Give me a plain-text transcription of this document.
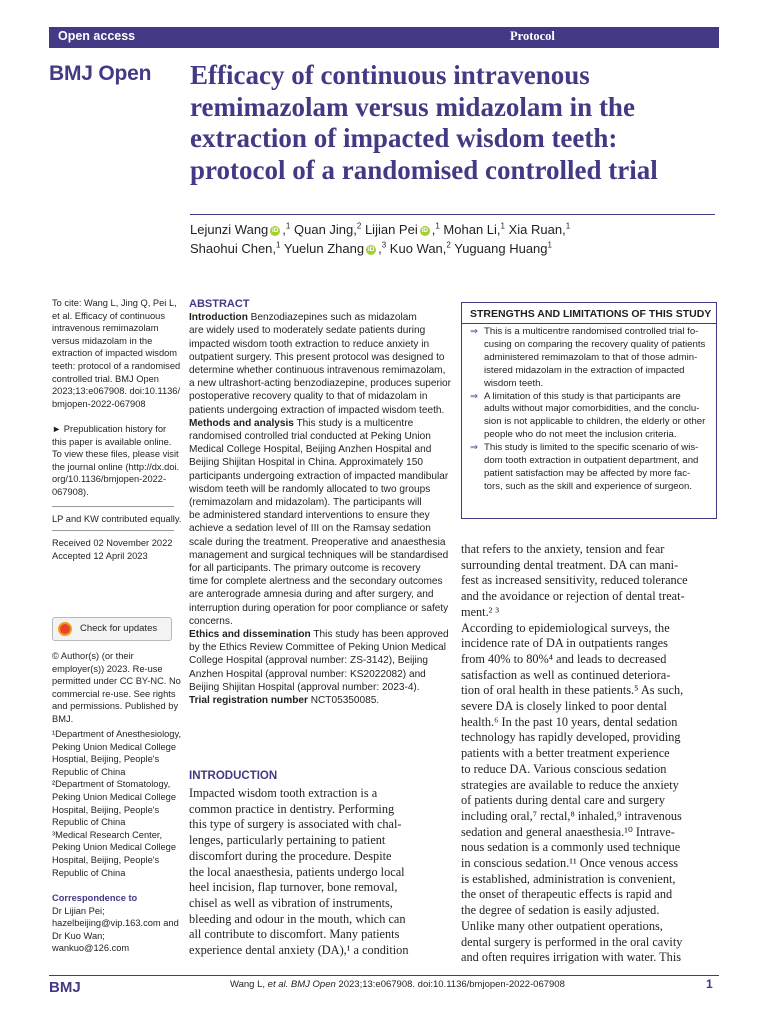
Open access	Protocol
BMJ Open Efficacy of continuous intravenous
remimazolam versus midazolam in the
extraction of impacted wisdom teeth:
protocol of a randomised controlled trial
Lejunzi Wang iD ,$^1$ Quan Jing,$^2$ Lijian Pei iD ,$^1$ Mohan Li,$^1$ Xia Ruan,$^1$
Shaohui Chen,$^1$ Yuelun Zhang iD ,$^3$ Kuo Wan,$^2$ Yuguang Huang$^1$
To cite: Wang L, Jing Q, Pei L,
et al. Efficacy of continuous
intravenous remimazolam
versus midazolam in the
extraction of impacted wisdom
teeth: protocol of a randomised
controlled trial. BMJ Open
2023;13:e067908. doi:10.1136/
bmjopen-2022-067908
► Prepublication history for
this paper is available online.
To view these files, please visit
the journal online (http://dx.doi.
org/10.1136/bmjopen-2022-
067908).
LP and KW contributed equally.
Received 02 November 2022
Accepted 12 April 2023
Check for updates
© Author(s) (or their
employer(s)) 2023. Re-use
permitted under CC BY-NC. No
commercial re-use. See rights
and permissions. Published by
BMJ.
¹Department of Anesthesiology,
Peking Union Medical College
Hosptial, Beijing, People's
Republic of China
²Department of Stomatology,
Peking Union Medical College
Hospital, Beijing, People's
Republic of China
³Medical Research Center,
Peking Union Medical College
Hospital, Beijing, People's
Republic of China
Correspondence to
Dr Lijian Pei;
hazelbeijing@vip.163.com and
Dr Kuo Wan;
wankuo@126.com
ABSTRACT
Introduction Benzodiazepines such as midazolam
are widely used to moderately sedate patients during
impacted wisdom tooth extraction to reduce anxiety in
outpatient surgery. This present protocol was designed to
determine whether continuous intravenous remimazolam,
a new ultrashort-acting benzodiazepine, produces superior
postoperative recovery quality to that of midazolam in
patients undergoing extraction of impacted wisdom teeth.
Methods and analysis This study is a multicentre
randomised controlled trial conducted at Peking Union
Medical College Hospital, Beijing Anzhen Hospital and
Beijing Shijitan Hospital in China. Approximately 150
participants undergoing extraction of impacted mandibular
wisdom teeth will be randomly allocated to two groups
(remimazolam and midazolam). The participants will
be administered standard interventions to ensure they
achieve a sedation level of III on the Ramsay sedation
scale during the treatment. Preoperative and anaesthesia
management and surgical techniques will be standardised
for all participants. The primary outcome is recovery
time for complete alertness and the secondary outcomes
are anterograde amnesia during and after surgery, and
interruption during operation for poor compliance or safety
concerns.
Ethics and dissemination This study has been approved
by the Ethics Review Committee of Peking Union Medical
College Hospital (approval number: ZS-3142), Beijing
Anzhen Hospital (approval number: KS2022082) and
Beijing Shijitan Hospital (approval number: 2023-4).
Trial registration number NCT05350085.
STRENGTHS AND LIMITATIONS OF THIS STUDY
⇒ This is a multicentre randomised controlled trial fo-
cusing on comparing the recovery quality of patients
administered remimazolam to that of those admin-
istered midazolam in the extraction of impacted
wisdom teeth.
⇒ A limitation of this study is that participants are
adults without major comorbidities, and the conclu-
sion is not applicable to children, the elderly or other
people who do not meet the inclusion criteria.
⇒ This study is limited to the specific scenario of wis-
dom tooth extraction in outpatient department, and
patient satisfaction may be affected by more fac-
tors, such as the skill and experience of surgeon.
INTRODUCTION
Impacted wisdom tooth extraction is a
common practice in dentistry. Performing
this type of surgery is associated with chal-
lenges, particularly pertaining to patient
discomfort during the procedure. Despite
the local anaesthesia, patients undergo local
heel incision, flap turnover, bone removal,
chisel as well as vibration of instruments,
bleeding and odour in the mouth, which can
all contribute to discomfort. Many patients
experience dental anxiety (DA),¹ a condition
that refers to the anxiety, tension and fear
surrounding dental treatment. DA can mani-
fest as increased sensitivity, reduced tolerance
and the avoidance or rejection of dental treat-
ment.² ³
According to epidemiological surveys, the
incidence rate of DA in outpatients ranges
from 40% to 80%⁴ and leads to decreased
satisfaction as well as continued deteriora-
tion of oral health in these patients.⁵ As such,
severe DA is closely linked to poor dental
health.⁶ In the past 10 years, dental sedation
technology has rapidly developed, providing
patients with a better treatment experience
to reduce DA. Various conscious sedation
strategies are available to reduce the anxiety
of patients during dental care and surgery
including oral,⁷ rectal,⁸ inhaled,⁹ intravenous
sedation and general anaesthesia.¹⁰ Intrave-
nous sedation is a commonly used technique
in conscious sedation.¹¹ Once venous access
is established, administration is convenient,
the onset of therapeutic effects is rapid and
the degree of sedation is easily adjusted.
Unlike many other outpatient operations,
dental surgery is performed in the oral cavity
and often requires irrigation with water. This
BMJ	Wang L, et al. BMJ Open 2023;13:e067908. doi:10.1136/bmjopen-2022-067908	1
